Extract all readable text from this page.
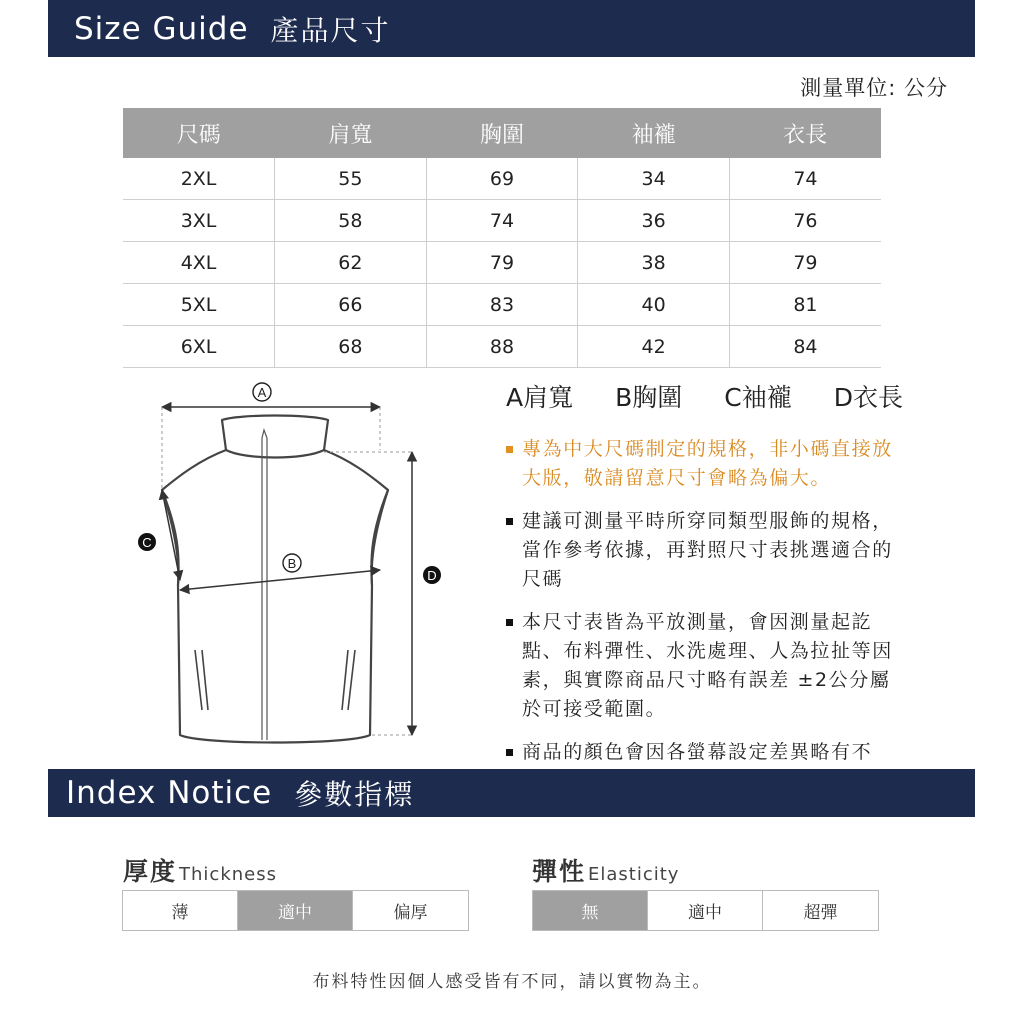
Size Guide 產品尺寸
測量單位: 公分
尺碼	肩寬	胸圍	袖襱	衣長
2XL	55	69	34	74
3XL	58	74	36	76
4XL	62	79	38	79
5XL	66	83	40	81
6XL	68	88	42	84
A
B
C
D
A肩寬 B胸圍 C袖襱 D衣長
專為中大尺碼制定的規格，非小碼直接放大版，敬請留意尺寸會略為偏大。
建議可測量平時所穿同類型服飾的規格，當作參考依據，再對照尺寸表挑選適合的尺碼
本尺寸表皆為平放測量，會因測量起訖點、布料彈性、水洗處理、人為拉扯等因素，與實際商品尺寸略有誤差 ±2公分屬於可接受範圍。
商品的顏色會因各螢幕設定差異略有不
Index Notice 參數指標
厚度 Thickness
薄	適中	偏厚
彈性 Elasticity
無	適中	超彈
布料特性因個人感受皆有不同，請以實物為主。
